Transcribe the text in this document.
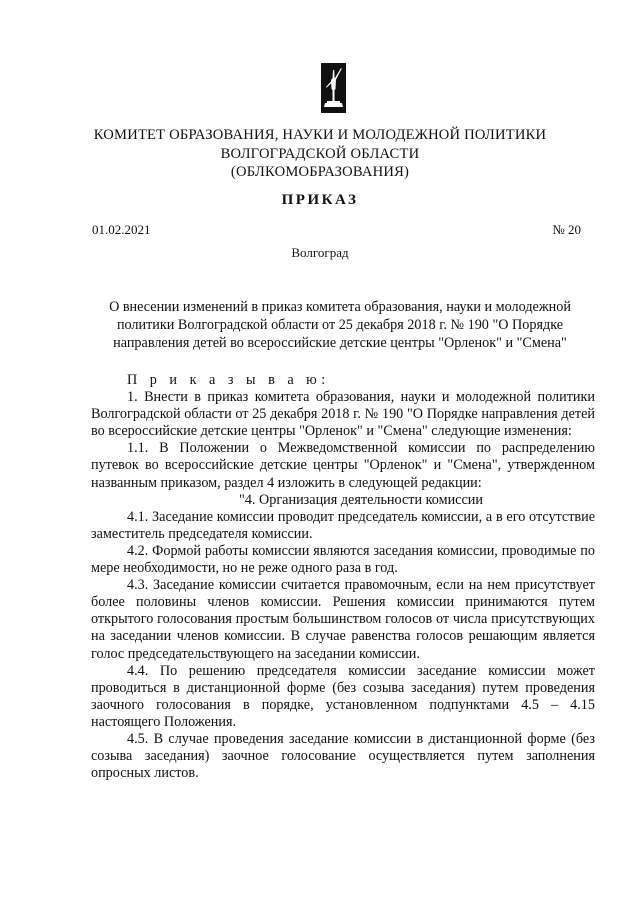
КОМИТЕТ ОБРАЗОВАНИЯ, НАУКИ И МОЛОДЕЖНОЙ ПОЛИТИКИ
ВОЛГОГРАДСКОЙ ОБЛАСТИ
(ОБЛКОМОБРАЗОВАНИЯ)
ПРИКАЗ
01.02.2021	№ 20
Волгоград
О внесении изменений в приказ комитета образования, науки и молодежной политики Волгоградской области от 25 декабря 2018 г. № 190 "О Порядке направления детей во всероссийские детские центры "Орленок" и "Смена"

П р и к а з ы в а ю:

1. Внести в приказ комитета образования, науки и молодежной политики Волгоградской области от 25 декабря 2018 г. № 190 "О Порядке направления детей во всероссийские детские центры "Орленок" и "Смена" следующие изменения:

1.1. В Положении о Межведомственной комиссии по распределению путевок во всероссийские детские центры "Орленок" и "Смена", утвержденном названным приказом, раздел 4 изложить в следующей редакции:

"4. Организация деятельности комиссии

4.1. Заседание комиссии проводит председатель комиссии, а в его отсутствие заместитель председателя комиссии.

4.2. Формой работы комиссии являются заседания комиссии, проводимые по мере необходимости, но не реже одного раза в год.

4.3. Заседание комиссии считается правомочным, если на нем присутствует более половины членов комиссии. Решения комиссии принимаются путем открытого голосования простым большинством голосов от числа присутствующих на заседании членов комиссии. В случае равенства голосов решающим является голос председательствующего на заседании комиссии.

4.4. По решению председателя комиссии заседание комиссии может проводиться в дистанционной форме (без созыва заседания) путем проведения заочного голосования в порядке, установленном подпунктами 4.5 – 4.15 настоящего Положения.

4.5. В случае проведения заседание комиссии в дистанционной форме (без созыва заседания) заочное голосование осуществляется путем заполнения опросных листов.
